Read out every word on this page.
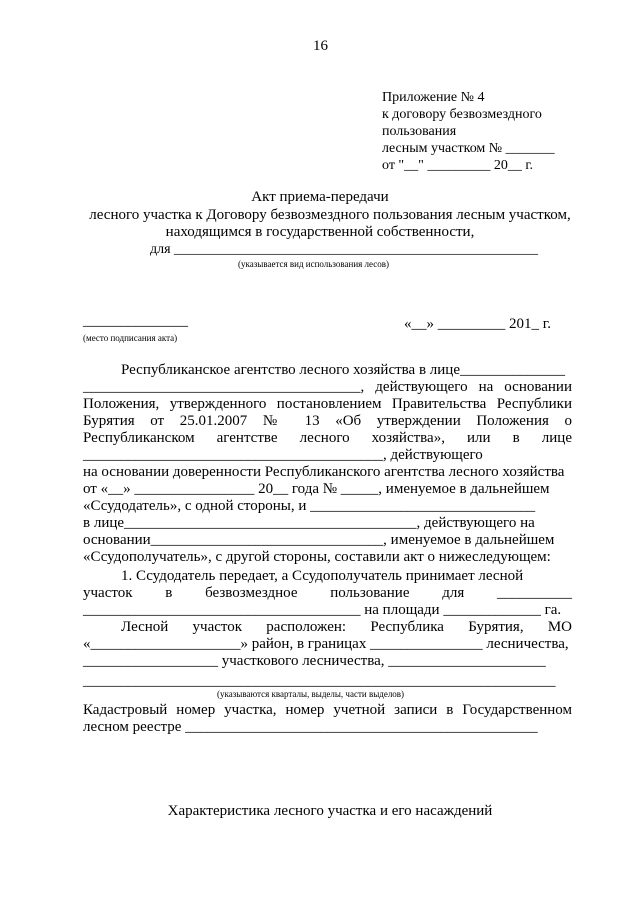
16
Приложение № 4
к договору безвозмездного
пользования
лесным участком № _______
от "__" _________ 20__ г.
Акт приема-передачи
лесного участка к Договору безвозмездного пользования лесным участком,
находящимся в государственной собственности,
для ____________________________________________________
(указывается вид использования лесов)
______________
(место подписания акта)
«__» _________ 201_ г.
Республиканское агентство лесного хозяйства в лице______________
_____________________________________, действующего на основании
Положения, утвержденного постановлением Правительства Республики
Бурятия от 25.01.2007 № 13 «Об утверждении Положения о
Республиканском агентстве лесного хозяйства», или в лице
________________________________________, действующего
на основании доверенности Республиканского агентства лесного хозяйства
от «__» ________________ 20__ года № _____, именуемое в дальнейшем
«Ссудодатель», с одной стороны, и ______________________________
в лице_______________________________________, действующего на
основании_______________________________, именуемое в дальнейшем
«Ссудополучатель», с другой стороны, составили акт о нижеследующем:
1. Ссудодатель передает, а Ссудополучатель принимает лесной
участок в безвозмездное пользование для __________
_____________________________________ на площади _____________ га.
Лесной участок расположен: Республика Бурятия, МО
«____________________» район, в границах _______________ лесничества,
__________________ участкового лесничества, _____________________
_______________________________________________________________
(указываются кварталы, выделы, части выделов)
Кадастровый номер участка, номер учетной записи в Государственном
лесном реестре _______________________________________________
Характеристика лесного участка и его насаждений
